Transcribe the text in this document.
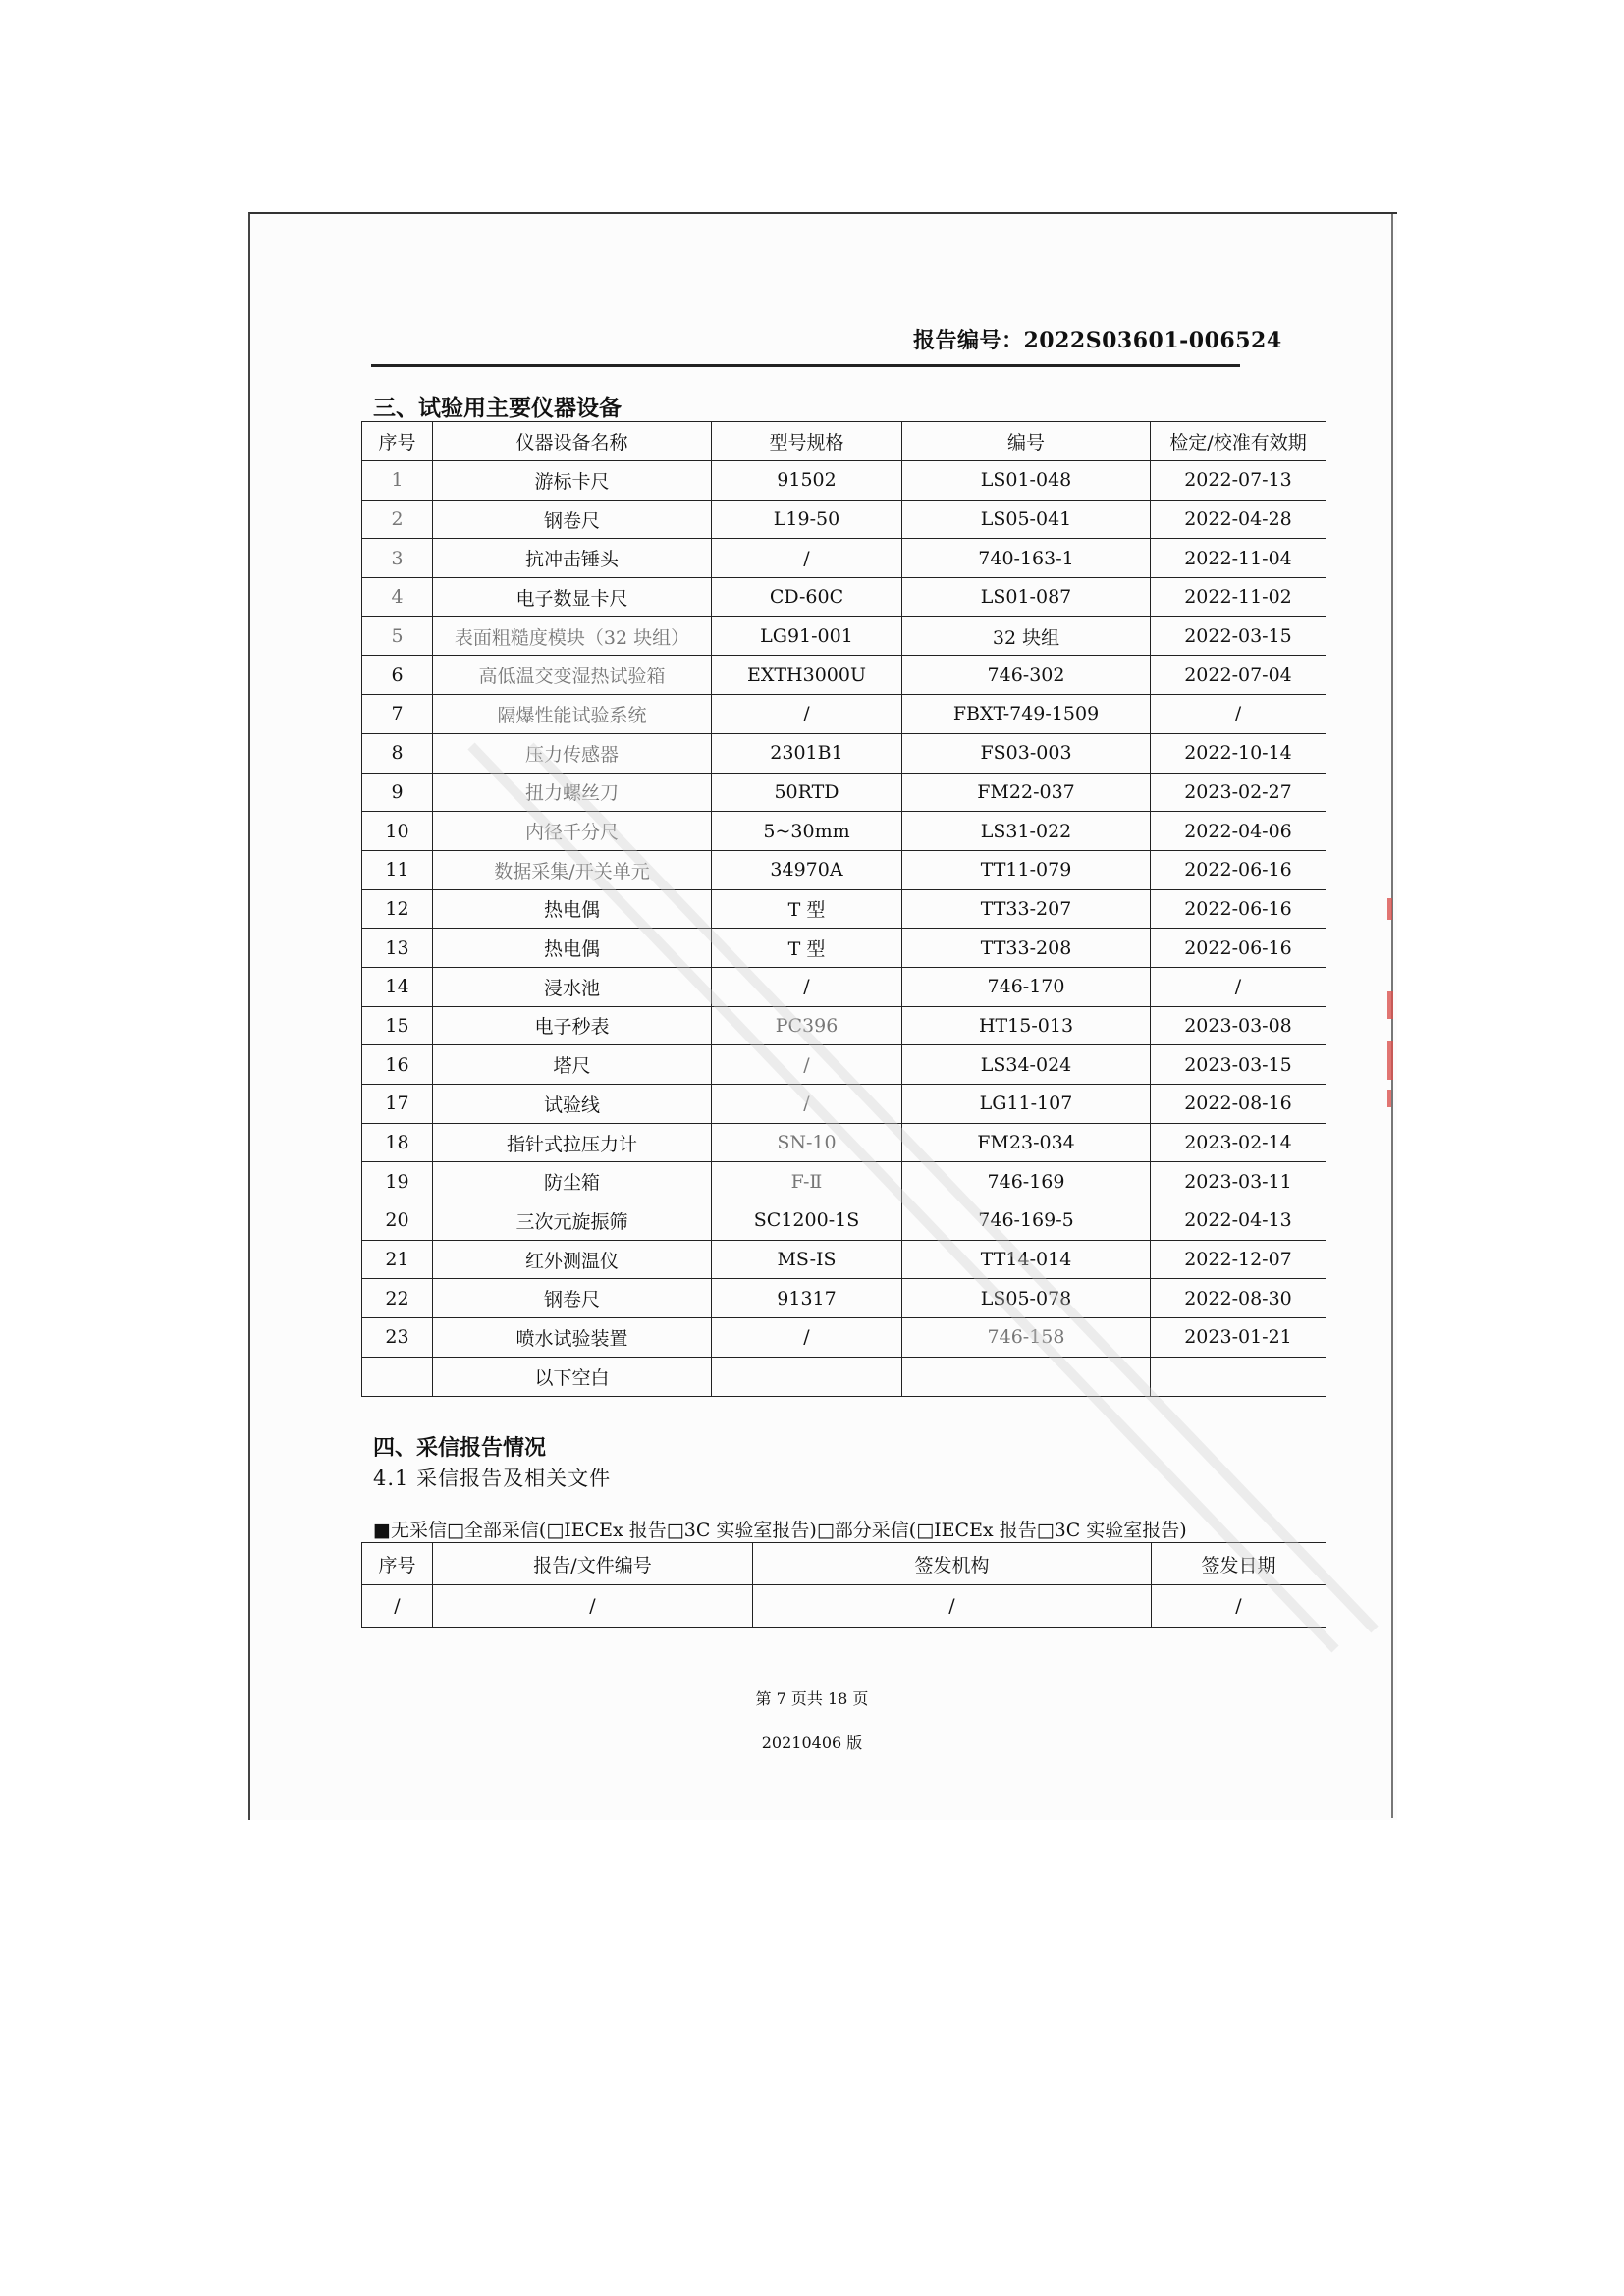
报告编号：2022S03601-006524
三、试验用主要仪器设备
序号	仪器设备名称	型号规格	编号	检定/校准有效期
1	游标卡尺	91502	LS01-048	2022-07-13
2	钢卷尺	L19-50	LS05-041	2022-04-28
3	抗冲击锤头	/	740-163-1	2022-11-04
4	电子数显卡尺	CD-60C	LS01-087	2022-11-02
5	表面粗糙度模块（32 块组）	LG91-001	32 块组	2022-03-15
6	高低温交变湿热试验箱	EXTH3000U	746-302	2022-07-04
7	隔爆性能试验系统	/	FBXT-749-1509	/
8	压力传感器	2301B1	FS03-003	2022-10-14
9	扭力螺丝刀	50RTD	FM22-037	2023-02-27
10	内径千分尺	5~30mm	LS31-022	2022-04-06
11	数据采集/开关单元	34970A	TT11-079	2022-06-16
12	热电偶	T 型	TT33-207	2022-06-16
13	热电偶	T 型	TT33-208	2022-06-16
14	浸水池	/	746-170	/
15	电子秒表	PC396	HT15-013	2023-03-08
16	塔尺	/	LS34-024	2023-03-15
17	试验线	/	LG11-107	2022-08-16
18	指针式拉压力计	SN-10	FM23-034	2023-02-14
19	防尘箱	F-Ⅱ	746-169	2023-03-11
20	三次元旋振筛	SC1200-1S	746-169-5	2022-04-13
21	红外测温仪	MS-IS	TT14-014	2022-12-07
22	钢卷尺	91317	LS05-078	2022-08-30
23	喷水试验装置	/	746-158	2023-01-21
	以下空白			
四、采信报告情况
4.1 采信报告及相关文件
■无采信□全部采信(□IECEx 报告□3C 实验室报告)□部分采信(□IECEx 报告□3C 实验室报告)
序号	报告/文件编号	签发机构	签发日期
/	/	/	/
第 7 页共 18 页
20210406 版
